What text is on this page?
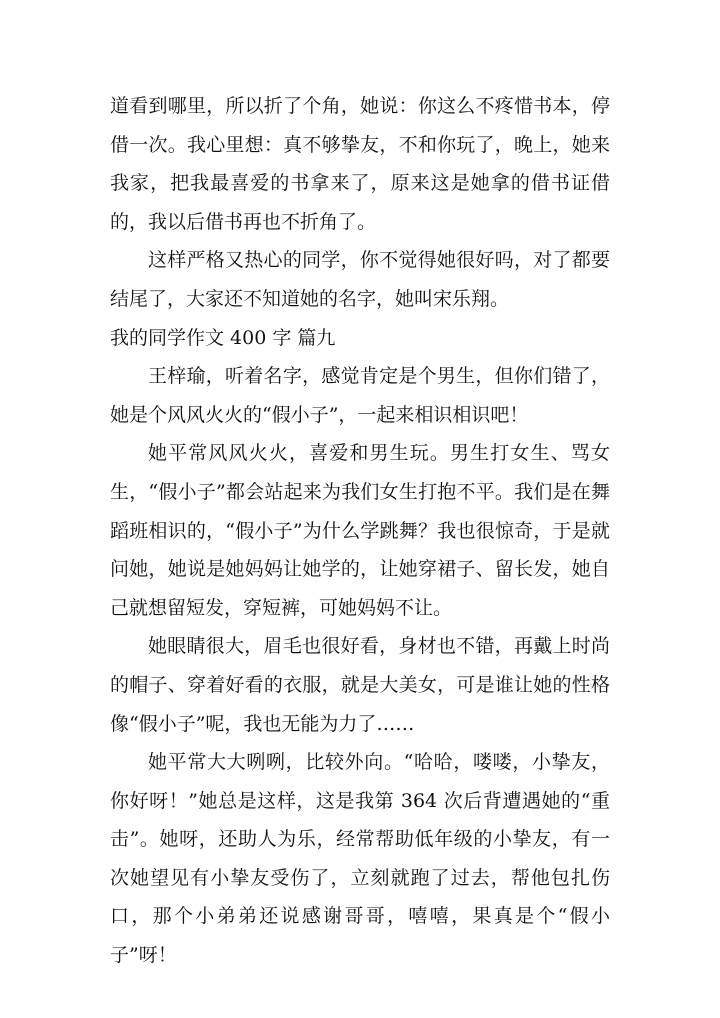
道看到哪里，所以折了个角，她说：你这么不疼惜书本，停借一次。我心里想：真不够挚友，不和你玩了，晚上，她来我家，把我最喜爱的书拿来了，原来这是她拿的借书证借的，我以后借书再也不折角了。

这样严格又热心的同学，你不觉得她很好吗，对了都要结尾了，大家还不知道她的名字，她叫宋乐翔。

我的同学作文 400 字 篇九

王梓瑜，听着名字，感觉肯定是个男生，但你们错了，她是个风风火火的“假小子”，一起来相识相识吧！

她平常风风火火，喜爱和男生玩。男生打女生、骂女生，“假小子”都会站起来为我们女生打抱不平。我们是在舞蹈班相识的，“假小子”为什么学跳舞？我也很惊奇，于是就问她，她说是她妈妈让她学的，让她穿裙子、留长发，她自己就想留短发，穿短裤，可她妈妈不让。

她眼睛很大，眉毛也很好看，身材也不错，再戴上时尚的帽子、穿着好看的衣服，就是大美女，可是谁让她的性格像“假小子”呢，我也无能为力了……

她平常大大咧咧，比较外向。“哈哈，喽喽，小挚友，你好呀！”她总是这样，这是我第 364 次后背遭遇她的“重击”。她呀，还助人为乐，经常帮助低年级的小挚友，有一次她望见有小挚友受伤了，立刻就跑了过去，帮他包扎伤口，那个小弟弟还说感谢哥哥，嘻嘻，果真是个“假小子”呀！
